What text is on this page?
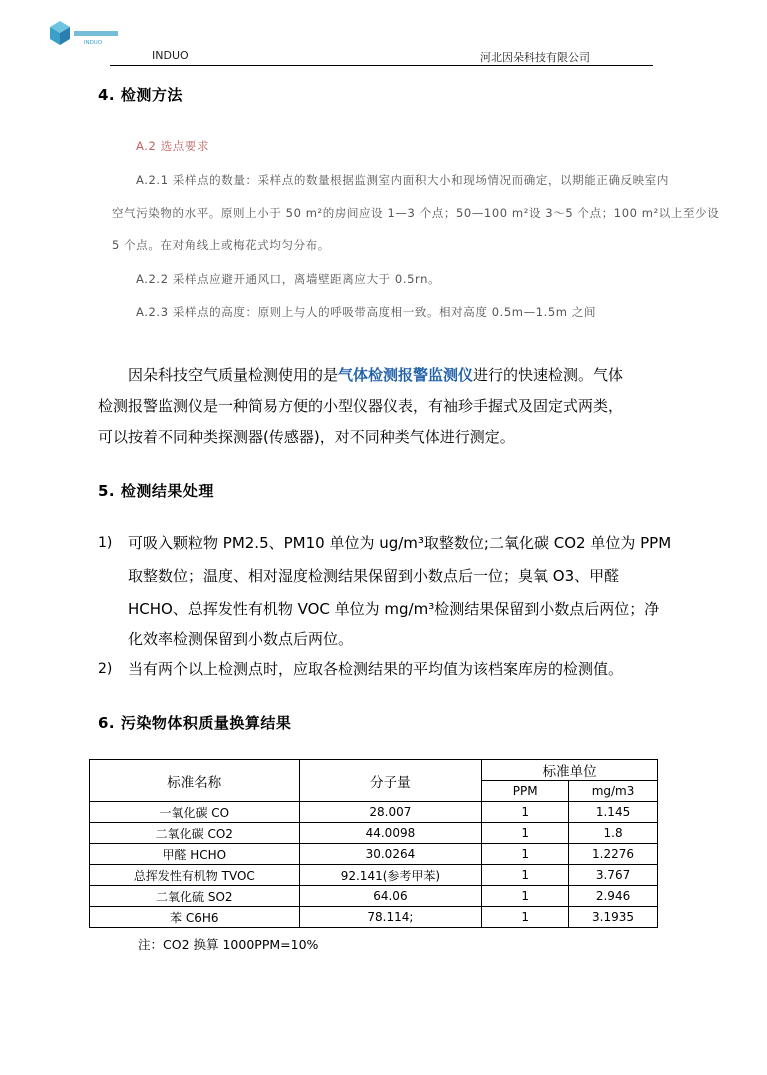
INDUO
INDUO	河北因朵科技有限公司
4. 检测方法
A.2 选点要求
A.2.1 采样点的数量：采样点的数量根据监测室内面积大小和现场情况而确定，以期能正确反映室内
空气污染物的水平。原则上小于 50 m²的房间应设 1—3 个点；50—100 m²设 3～5 个点；100 m²以上至少设
5 个点。在对角线上或梅花式均匀分布。
A.2.2 采样点应避开通风口，离墙壁距离应大于 0.5rn。
A.2.3 采样点的高度：原则上与人的呼吸带高度相一致。相对高度 0.5m—1.5m 之间
因朵科技空气质量检测使用的是气体检测报警监测仪进行的快速检测。气体
检测报警监测仪是一种简易方便的小型仪器仪表，有袖珍手握式及固定式两类，
可以按着不同种类探测器(传感器)，对不同种类气体进行测定。
5. 检测结果处理
1) 可吸入颗粒物 PM2.5、PM10 单位为 ug/m³取整数位;二氧化碳 CO2 单位为 PPM
取整数位；温度、相对湿度检测结果保留到小数点后一位；臭氧 O3、甲醛
HCHO、总挥发性有机物 VOC 单位为 mg/m³检测结果保留到小数点后两位；净
化效率检测保留到小数点后两位。
2) 当有两个以上检测点时，应取各检测结果的平均值为该档案库房的检测值。
6. 污染物体积质量换算结果
标准名称	分子量	标准单位	
		PPM	mg/m3
一氧化碳 CO	28.007	1	1.145
二氧化碳 CO2	44.0098	1	1.8
甲醛 HCHO	30.0264	1	1.2276
总挥发性有机物 TVOC	92.141(参考甲苯)	1	3.767
二氧化硫 SO2	64.06	1	2.946
苯 C6H6	78.114;	1	3.1935
注：CO2 换算 1000PPM=10%
